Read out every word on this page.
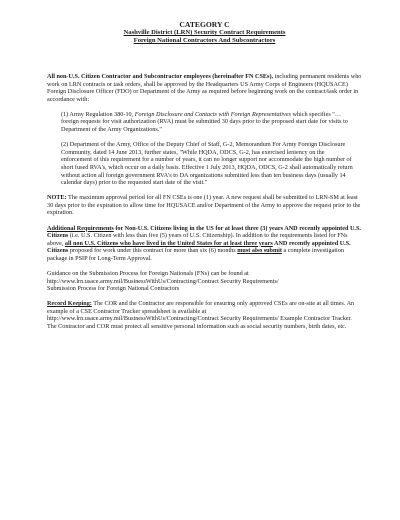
CATEGORY C
Nashville District (LRN) Security Contract Requirements
Foreign National Contractors And Subcontractors

All non-U.S. Citizen Contractor and Subcontractor employees (hereinafter FN CSEs), including permanent residents who work on LRN contracts or task orders, shall be approved by the Headquarters US Army Corps of Engineers (HQUSACE) Foreign Disclosure Officer (FDO) or Department of the Army as required before beginning work on the contract/task order in accordance with:

(1) Army Regulation 380-10, Foreign Disclosure and Contacts with Foreign Representatives which specifies "…foreign requests for visit authorization (RVA) must be submitted 30 days prior to the proposed start date for visits to Department of the Army Organizations."

(2) Department of the Army, Office of the Deputy Chief of Staff, G-2, Memorandum For Army Foreign Disclosure Community, dated 14 June 2013, further states, "While HQDA, ODCS, G-2, has exercised leniency on the enforcement of this requirement for a number of years, it can no longer support nor accommodate the high number of short fused RVA's, which occur on a daily basis. Effective 1 July 2013, HQDA, ODCS, G-2 shall automatically return without action all foreign government RVA's to DA organizations submitted less than ten business days (usually 14 calendar days) prior to the requested start date of the visit."

NOTE: The maximum approval period for all FN CSEs is one (1) year. A new request shall be submitted to LRN-SM at least 30 days prior to the expiration to allow time for HQUSACE and/or Department of the Army to approve the request prior to the expiration.

Additional Requirements for Non-U.S. Citizens living in the US for at least three (3) years AND recently appointed U.S. Citizens (i.e. U.S. Citizen with less than five (5) years of U.S. Citizenship). In addition to the requirements listed for FNs above, all non U.S. Citizens who have lived in the United States for at least three years AND recently appointed U.S. Citizens proposed for work under this contract for more than six (6) months must also submit a complete investigation package in PSIP for Long-Term Approval.

Guidance on the Submission Process for Foreign Nationals (FNs) can be found at
http://www.lrn.usace.army.mil/BusinessWithUs/Contracting/Contract Security Requirements/
Submission Process for Foreign National Contractors

Record Keeping: The COR and the Contractor are responsible for ensuring only approved CSEs are on-site at all times. An example of a CSE Contractor Tracker spreadsheet is available at http://www.lrn.usace.army.mil/BusinessWithUs/Contracting/Contract Security Requirements/ Example Contractor Tracker. The Contractor and COR must protect all sensitive personal information such as social security numbers, birth dates, etc.
